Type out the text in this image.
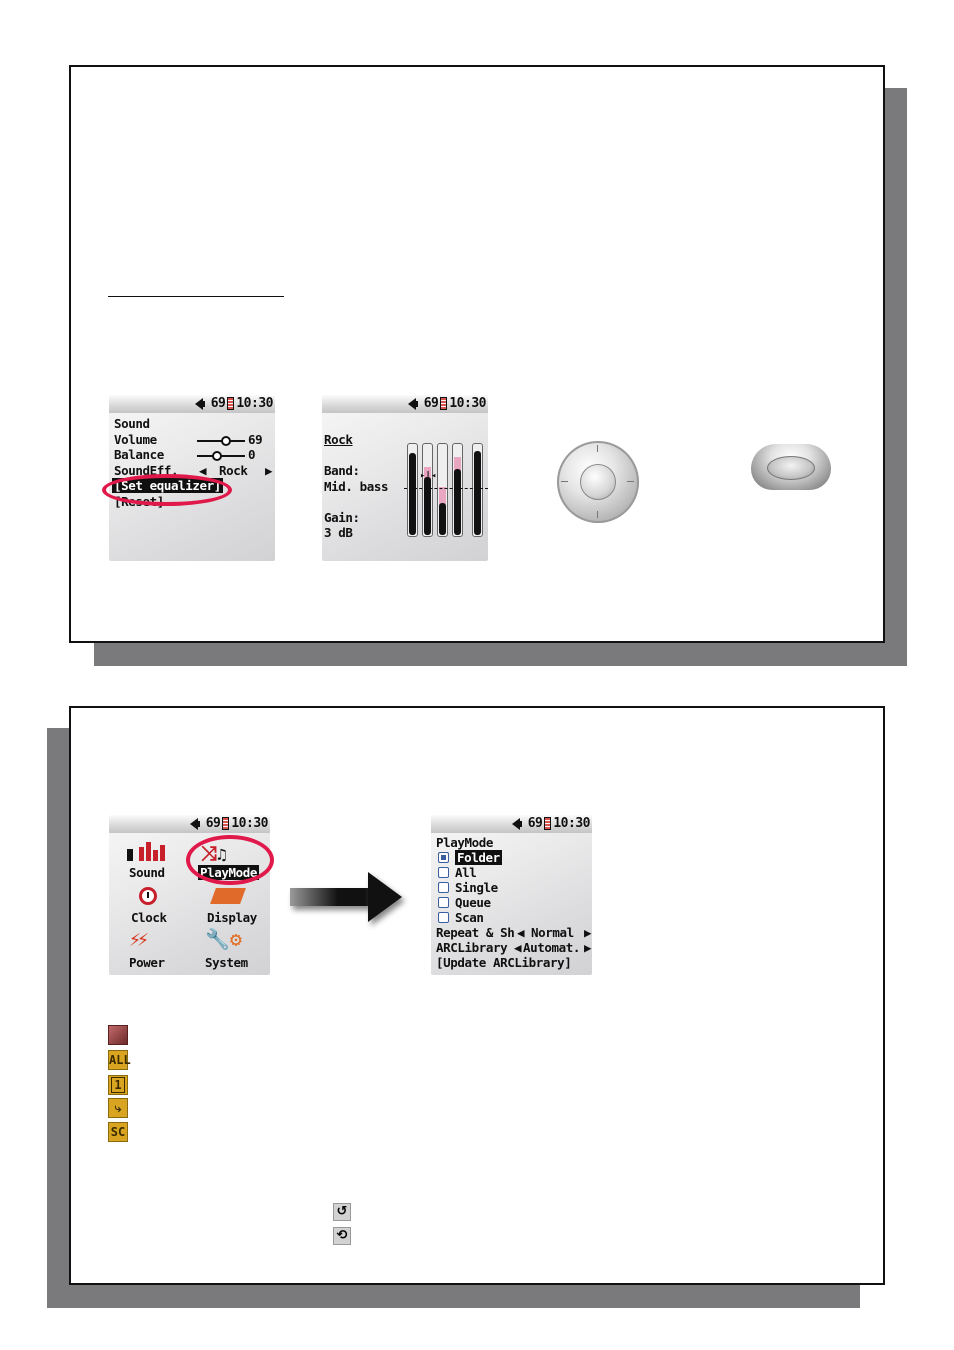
69 10:30
Sound
Volume	69
Balance	0
SoundEff. ◀ Rock ▶
[Set equalizer]
[Reset]
69 10:30
Rock
Band:
Mid. bass
Gain:
3 dB
▸|◂
69 10:30
Sound
⤨♫
PlayMode
Clock	Display
⚡⚡
Power
🔧⚙
System
69 10:30
PlayMode
Folder
All
Single
Queue
Scan
Repeat & Sh ◀ Normal ▶
ARCLibrary ◀ Automat. ▶
[Update ARCLibrary]
ALL
1
⤷
SC
↺
⟲
